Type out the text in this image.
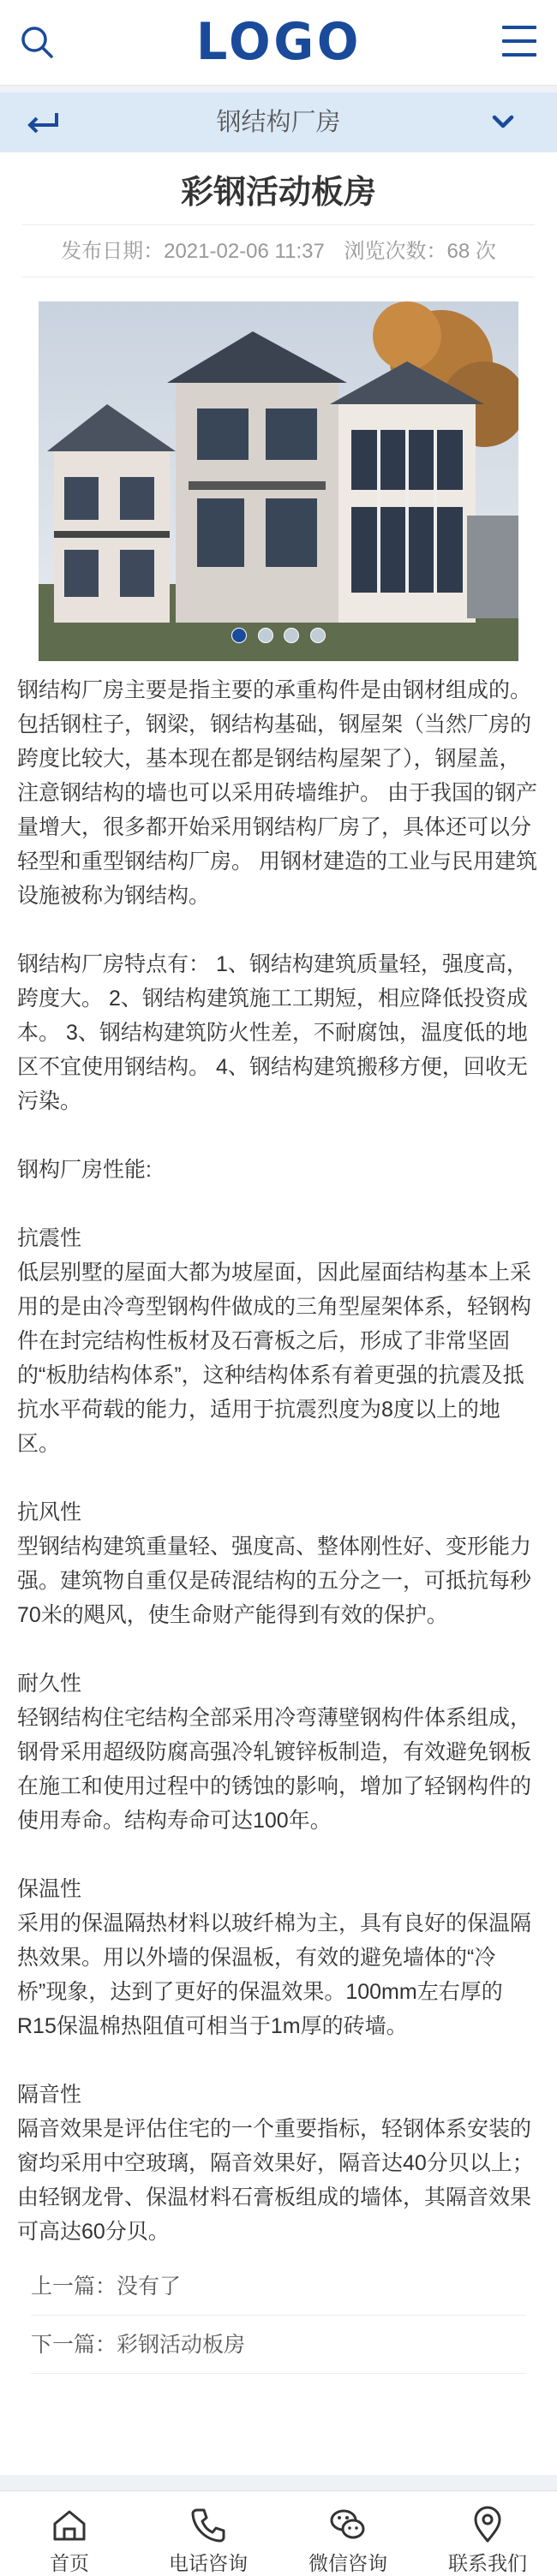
LOGO
钢结构厂房
彩钢活动板房
发布日期：2021-02-06 11:37 浏览次数：68 次

钢结构厂房主要是指主要的承重构件是由钢材组成的。包括钢柱子，钢梁，钢结构基础，钢屋架（当然厂房的跨度比较大，基本现在都是钢结构屋架了），钢屋盖，注意钢结构的墙也可以采用砖墙维护。 由于我国的钢产量增大，很多都开始采用钢结构厂房了，具体还可以分轻型和重型钢结构厂房。 用钢材建造的工业与民用建筑设施被称为钢结构。

钢结构厂房特点有： 1、钢结构建筑质量轻，强度高，跨度大。 2、钢结构建筑施工工期短，相应降低投资成本。 3、钢结构建筑防火性差，不耐腐蚀，温度低的地区不宜使用钢结构。 4、钢结构建筑搬移方便，回收无污染。

钢构厂房性能:

抗震性

低层别墅的屋面大都为坡屋面，因此屋面结构基本上采用的是由冷弯型钢构件做成的三角型屋架体系，轻钢构件在封完结构性板材及石膏板之后，形成了非常坚固的“板肋结构体系”，这种结构体系有着更强的抗震及抵抗水平荷载的能力，适用于抗震烈度为8度以上的地区。

抗风性

型钢结构建筑重量轻、强度高、整体刚性好、变形能力强。建筑物自重仅是砖混结构的五分之一，可抵抗每秒70米的飓风，使生命财产能得到有效的保护。

耐久性

轻钢结构住宅结构全部采用冷弯薄壁钢构件体系组成，钢骨采用超级防腐高强冷轧镀锌板制造，有效避免钢板在施工和使用过程中的锈蚀的影响，增加了轻钢构件的使用寿命。结构寿命可达100年。

保温性

采用的保温隔热材料以玻纤棉为主，具有良好的保温隔热效果。用以外墙的保温板，有效的避免墙体的“冷桥”现象，达到了更好的保温效果。100mm左右厚的R15保温棉热阻值可相当于1m厚的砖墙。

隔音性

隔音效果是评估住宅的一个重要指标，轻钢体系安装的窗均采用中空玻璃，隔音效果好，隔音达40分贝以上；由轻钢龙骨、保温材料石膏板组成的墙体，其隔音效果可高达60分贝。

上一篇：没有了
下一篇：彩钢活动板房
首页	电话咨询	微信咨询	联系我们
